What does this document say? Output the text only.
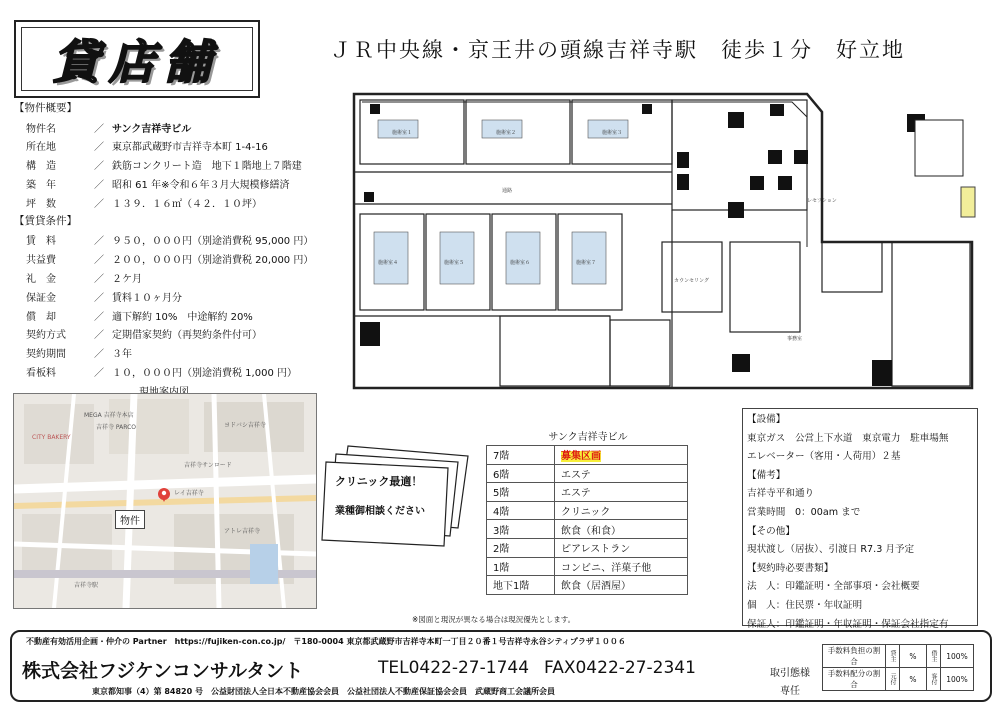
貸店舗	ＪＲ中央線・京王井の頭線吉祥寺駅　徒歩１分　好立地
【物件概要】
物件名	／ サンク吉祥寺ビル
所在地	／ 東京都武蔵野市吉祥寺本町 1-4-16
構　造	／ 鉄筋コンクリート造　地下１階地上７階建
築　年	／ 昭和 61 年※令和６年３月大規模修繕済
坪　数	／ １３９．１６㎡（４２．１０坪）
【賃貸条件】
賃　料	／ ９５０，０００円（別途消費税 95,000 円）
共益費	／ ２００，０００円（別途消費税 20,000 円）
礼　金	／ ２ケ月
保証金	／ 賃料１０ヶ月分
償　却	／ 適下解約 10%　中途解約 20%
契約方式	／ 定期借家契約（再契約条件付可）
契約期間	／ ３年
看板料	／ １０，０００円（別途消費税 1,000 円）
CITY BAKERY
吉祥寺 PARCO
MEGA 吉祥寺本店
レイ吉祥寺
吉祥寺サンロード
吉祥寺駅
ヨドバシ吉祥寺
アトレ吉祥寺
物件
施術室１	施術室２	施術室３
施術室４	施術室５	施術室６	施術室７
通路
レセプション
カウンセリング
事務室
クリニック最適！
業種御相談ください
サンク吉祥寺ビル
7階	募集区画
6階	エステ
5階	エステ
4階	クリニック
3階	飲食（和食）
2階	ピアレストラン
1階	コンビニ、洋菓子他
地下1階	飲食（居酒屋）
※図面と現況が異なる場合は現況優先とします。
【設備】
東京ガス　公営上下水道　東京電力　駐車場無
エレベーター（客用・人荷用）２基
【備考】
吉祥寺平和通り
営業時間　0：00am まで
【その他】
現状渡し（居抜）、引渡日 R7.3 月予定
【契約時必要書類】
法　人：印鑑証明・全部事項・会社概要
個　人：住民票・年収証明
保証人：印鑑証明・年収証明・保証会社指定有
不動産有効活用企画・仲介の Partner　https://fujiken-con.co.jp/　〒180-0004 東京都武蔵野市吉祥寺本町一丁目２０番１号吉祥寺永谷シティプラザ１００６
株式会社フジケンコンサルタント	TEL0422-27-1744 FAX0422-27-2341
東京都知事（4）第 84820 号　公益財団法人全日本不動産協会会員　公益社団法人不動産保証協会会員　武蔵野商工会議所会員
取引態様
専任
手数料負担の割合	貸主	%	借主	100%
手数料配分の割合	元付	%	客付	100%
